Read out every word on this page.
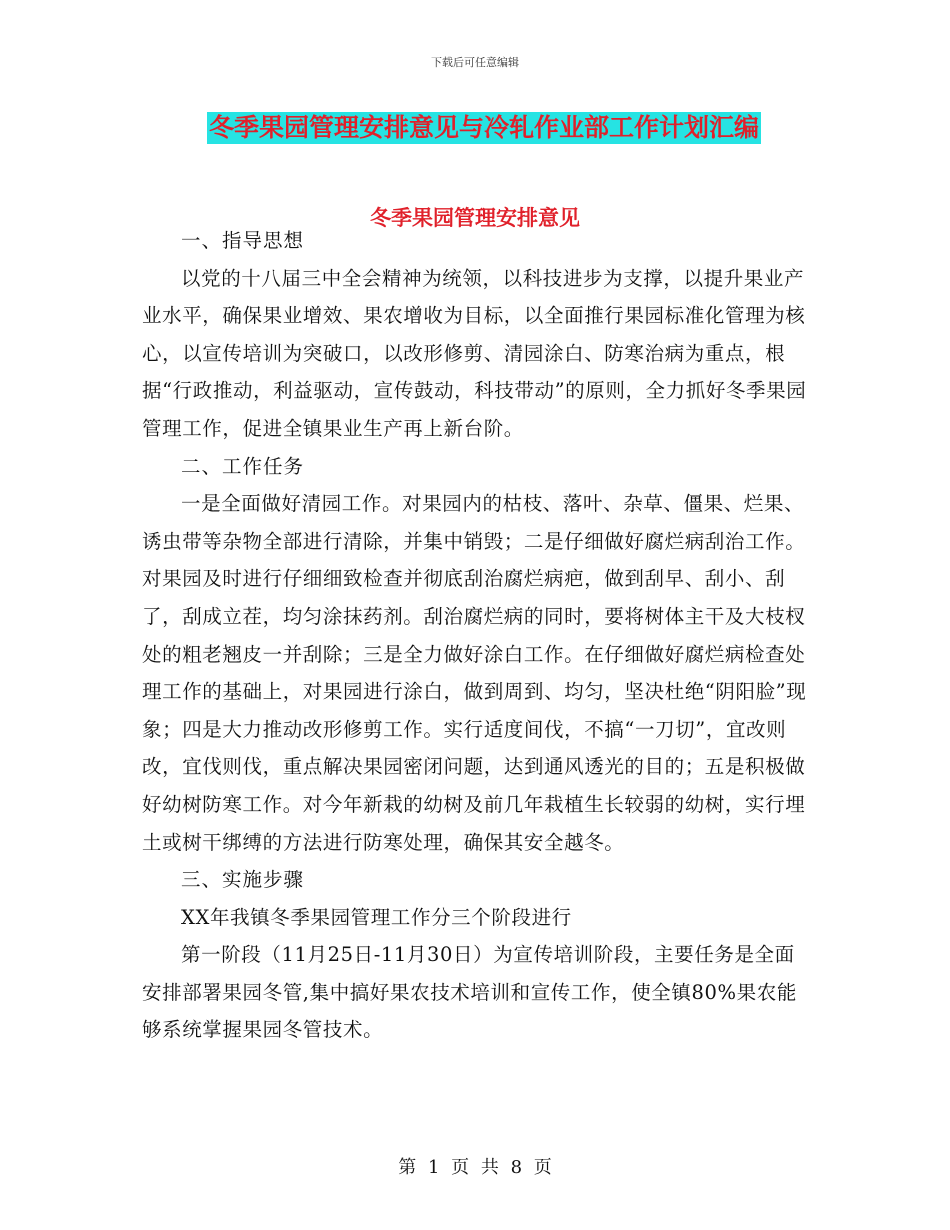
下载后可任意编辑
冬季果园管理安排意见与冷轧作业部工作计划汇编
冬季果园管理安排意见

一、指导思想

以党的十八届三中全会精神为统领，以科技进步为支撑，以提升果业产业水平，确保果业增效、果农增收为目标，以全面推行果园标准化管理为核心，以宣传培训为突破口，以改形修剪、清园涂白、防寒治病为重点，根据“行政推动，利益驱动，宣传鼓动，科技带动”的原则，全力抓好冬季果园管理工作，促进全镇果业生产再上新台阶。

二、工作任务

一是全面做好清园工作。对果园内的枯枝、落叶、杂草、僵果、烂果、诱虫带等杂物全部进行清除，并集中销毁；二是仔细做好腐烂病刮治工作。对果园及时进行仔细细致检查并彻底刮治腐烂病疤，做到刮早、刮小、刮了，刮成立茬，均匀涂抹药剂。刮治腐烂病的同时，要将树体主干及大枝杈处的粗老翘皮一并刮除；三是全力做好涂白工作。在仔细做好腐烂病检查处理工作的基础上，对果园进行涂白，做到周到、均匀，坚决杜绝“阴阳脸”现象；四是大力推动改形修剪工作。实行适度间伐，不搞“一刀切”，宜改则改，宜伐则伐，重点解决果园密闭问题，达到通风透光的目的；五是积极做好幼树防寒工作。对今年新栽的幼树及前几年栽植生长较弱的幼树，实行埋土或树干绑缚的方法进行防寒处理，确保其安全越冬。

三、实施步骤

XX年我镇冬季果园管理工作分三个阶段进行

第一阶段（11月25日-11月30日）为宣传培训阶段，主要任务是全面安排部署果园冬管,集中搞好果农技术培训和宣传工作，使全镇80%果农能够系统掌握果园冬管技术。

第 1 页 共 8 页
